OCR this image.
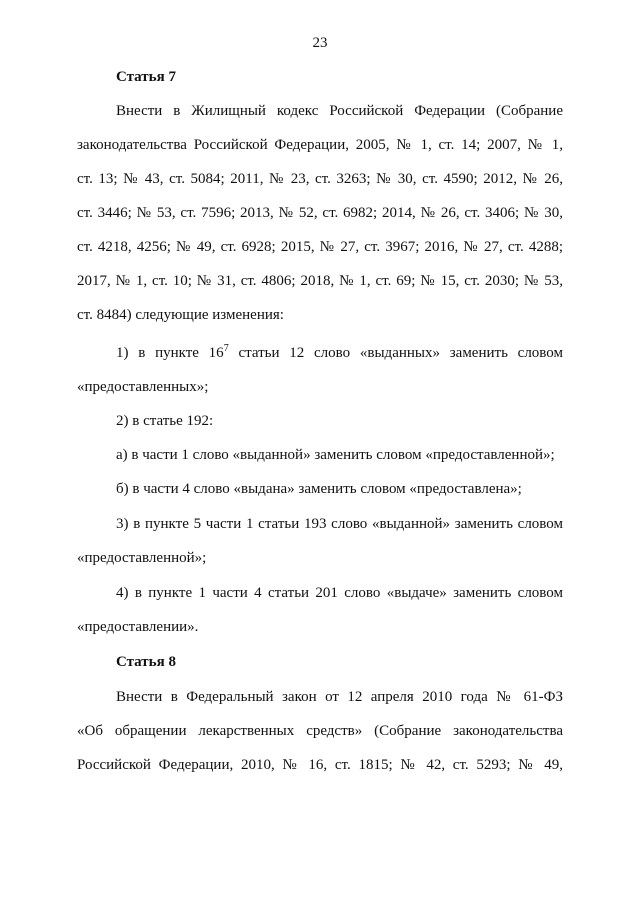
23
Статья 7
Внести в Жилищный кодекс Российской Федерации (Собрание
законодательства Российской Федерации, 2005, № 1, ст. 14; 2007, № 1,
ст. 13; № 43, ст. 5084; 2011, № 23, ст. 3263; № 30, ст. 4590; 2012, № 26,
ст. 3446; № 53, ст. 7596; 2013, № 52, ст. 6982; 2014, № 26, ст. 3406; № 30,
ст. 4218, 4256; № 49, ст. 6928; 2015, № 27, ст. 3967; 2016, № 27, ст. 4288;
2017, № 1, ст. 10; № 31, ст. 4806; 2018, № 1, ст. 69; № 15, ст. 2030; № 53,
ст. 8484) следующие изменения:
1) в пункте $16^7$ статьи 12 слово «выданных» заменить словом
«предоставленных»;
2) в статье 192:
а) в части 1 слово «выданной» заменить словом «предоставленной»;
б) в части 4 слово «выдана» заменить словом «предоставлена»;
3) в пункте 5 части 1 статьи 193 слово «выданной» заменить словом
«предоставленной»;
4) в пункте 1 части 4 статьи 201 слово «выдаче» заменить словом
«предоставлении».
Статья 8
Внести в Федеральный закон от 12 апреля 2010 года № 61-ФЗ
«Об обращении лекарственных средств» (Собрание законодательства
Российской Федерации, 2010, № 16, ст. 1815; № 42, ст. 5293; № 49,
